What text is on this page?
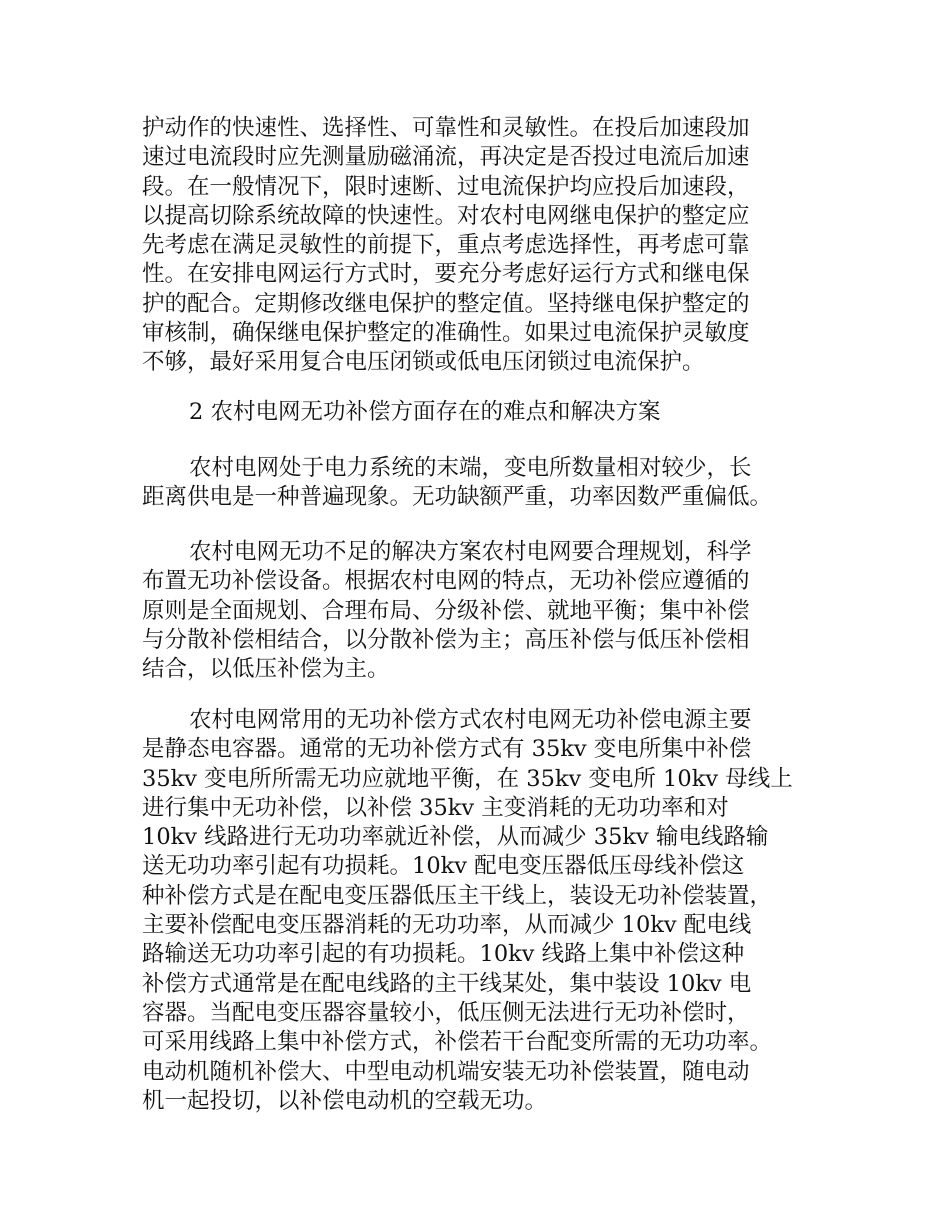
护动作的快速性、选择性、可靠性和灵敏性。在投后加速段加
速过电流段时应先测量励磁涌流，再决定是否投过电流后加速
段。在一般情况下，限时速断、过电流保护均应投后加速段，
以提高切除系统故障的快速性。对农村电网继电保护的整定应
先考虑在满足灵敏性的前提下，重点考虑选择性，再考虑可靠
性。在安排电网运行方式时，要充分考虑好运行方式和继电保
护的配合。定期修改继电保护的整定值。坚持继电保护整定的
审核制，确保继电保护整定的准确性。如果过电流保护灵敏度
不够，最好采用复合电压闭锁或低电压闭锁过电流保护。

2 农村电网无功补偿方面存在的难点和解决方案

农村电网处于电力系统的末端，变电所数量相对较少，长
距离供电是一种普遍现象。无功缺额严重，功率因数严重偏低。

农村电网无功不足的解决方案农村电网要合理规划，科学
布置无功补偿设备。根据农村电网的特点，无功补偿应遵循的
原则是全面规划、合理布局、分级补偿、就地平衡；集中补偿
与分散补偿相结合，以分散补偿为主；高压补偿与低压补偿相
结合，以低压补偿为主。

农村电网常用的无功补偿方式农村电网无功补偿电源主要
是静态电容器。通常的无功补偿方式有 35kv 变电所集中补偿
35kv 变电所所需无功应就地平衡，在 35kv 变电所 10kv 母线上
进行集中无功补偿，以补偿 35kv 主变消耗的无功功率和对
10kv 线路进行无功功率就近补偿，从而减少 35kv 输电线路输
送无功功率引起有功损耗。10kv 配电变压器低压母线补偿这
种补偿方式是在配电变压器低压主干线上，装设无功补偿装置，
主要补偿配电变压器消耗的无功功率，从而减少 10kv 配电线
路输送无功功率引起的有功损耗。10kv 线路上集中补偿这种
补偿方式通常是在配电线路的主干线某处，集中装设 10kv 电
容器。当配电变压器容量较小，低压侧无法进行无功补偿时，
可采用线路上集中补偿方式，补偿若干台配变所需的无功功率。
电动机随机补偿大、中型电动机端安装无功补偿装置，随电动
机一起投切，以补偿电动机的空载无功。
